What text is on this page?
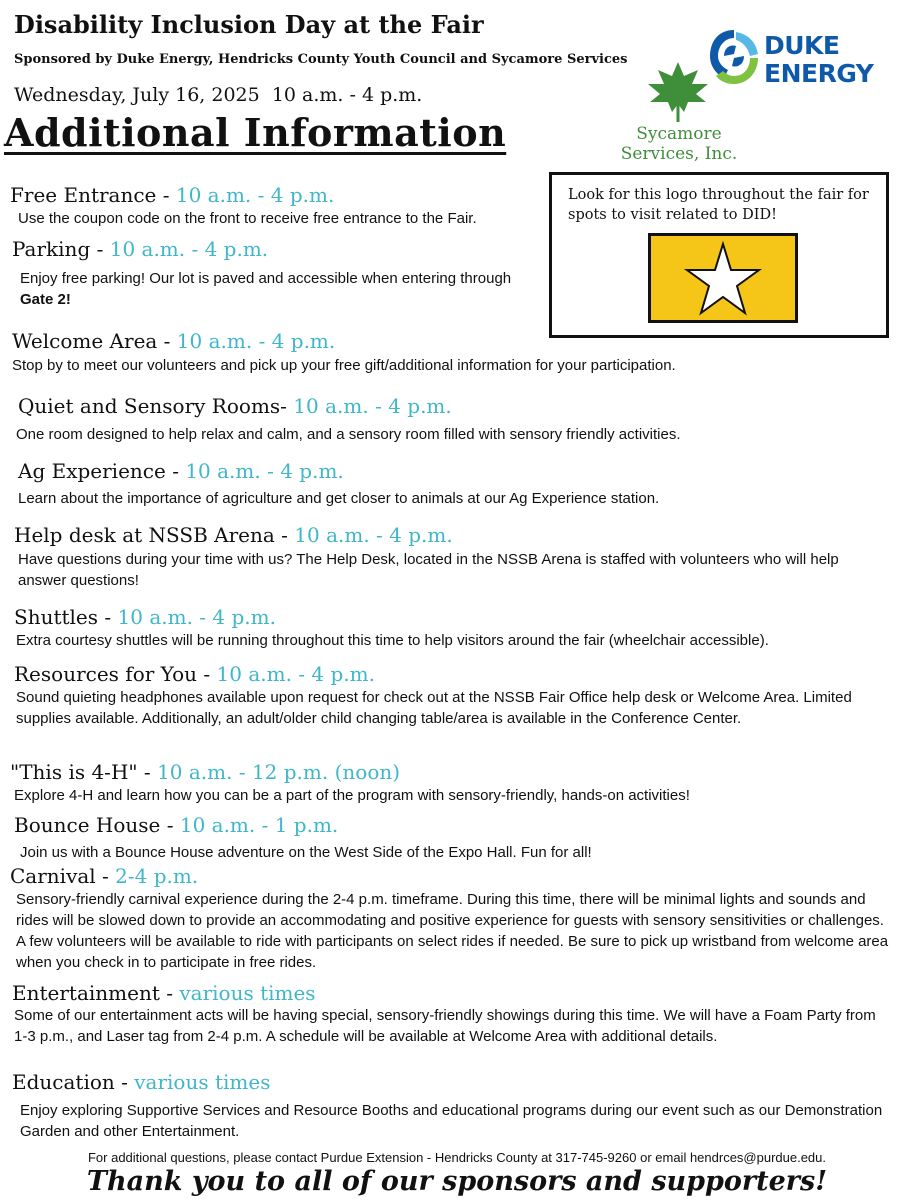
Disability Inclusion Day at the Fair
Sponsored by Duke Energy, Hendricks County Youth Council and Sycamore Services
Wednesday, July 16, 2025 10 a.m. - 4 p.m.
Additional Information
DUKE
ENERGY
Sycamore
Services, Inc.
Look for this logo throughout the fair for spots to visit related to DID!
Free Entrance - 10 a.m. - 4 p.m.
Use the coupon code on the front to receive free entrance to the Fair.
Parking - 10 a.m. - 4 p.m.
Enjoy free parking! Our lot is paved and accessible when entering through Gate 2!
Welcome Area - 10 a.m. - 4 p.m.
Stop by to meet our volunteers and pick up your free gift/additional information for your participation.
Quiet and Sensory Rooms- 10 a.m. - 4 p.m.
One room designed to help relax and calm, and a sensory room filled with sensory friendly activities.
Ag Experience - 10 a.m. - 4 p.m.
Learn about the importance of agriculture and get closer to animals at our Ag Experience station.
Help desk at NSSB Arena - 10 a.m. - 4 p.m.
Have questions during your time with us? The Help Desk, located in the NSSB Arena is staffed with volunteers who will help answer questions!
Shuttles - 10 a.m. - 4 p.m.
Extra courtesy shuttles will be running throughout this time to help visitors around the fair (wheelchair accessible).
Resources for You - 10 a.m. - 4 p.m.
Sound quieting headphones available upon request for check out at the NSSB Fair Office help desk or Welcome Area. Limited supplies available. Additionally, an adult/older child changing table/area is available in the Conference Center.
"This is 4-H" - 10 a.m. - 12 p.m. (noon)
Explore 4-H and learn how you can be a part of the program with sensory-friendly, hands-on activities!
Bounce House - 10 a.m. - 1 p.m.
Join us with a Bounce House adventure on the West Side of the Expo Hall. Fun for all!
Carnival - 2-4 p.m.
Sensory-friendly carnival experience during the 2-4 p.m. timeframe. During this time, there will be minimal lights and sounds and rides will be slowed down to provide an accommodating and positive experience for guests with sensory sensitivities or challenges. A few volunteers will be available to ride with participants on select rides if needed. Be sure to pick up wristband from welcome area when you check in to participate in free rides.
Entertainment - various times
Some of our entertainment acts will be having special, sensory-friendly showings during this time. We will have a Foam Party from 1-3 p.m., and Laser tag from 2-4 p.m. A schedule will be available at Welcome Area with additional details.
Education - various times
Enjoy exploring Supportive Services and Resource Booths and educational programs during our event such as our Demonstration Garden and other Entertainment.
For additional questions, please contact Purdue Extension - Hendricks County at 317-745-9260 or email hendrces@purdue.edu.
Thank you to all of our sponsors and supporters!
